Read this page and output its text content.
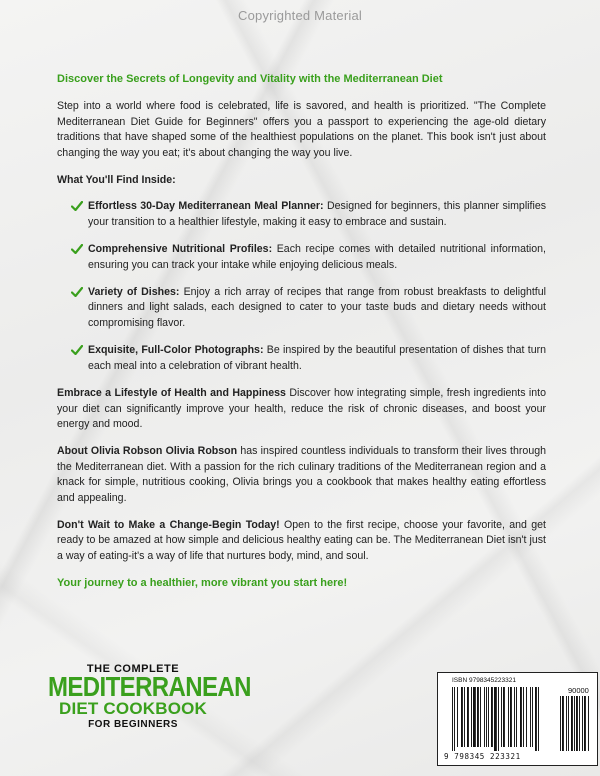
Copyrighted Material
Discover the Secrets of Longevity and Vitality with the Mediterranean Diet

Step into a world where food is celebrated, life is savored, and health is prioritized. "The Complete Mediterranean Diet Guide for Beginners" offers you a passport to experiencing the age-old dietary traditions that have shaped some of the healthiest populations on the planet. This book isn't just about changing the way you eat; it's about changing the way you live.

What You'll Find Inside:
Effortless 30-Day Mediterranean Meal Planner: Designed for beginners, this planner simplifies your transition to a healthier lifestyle, making it easy to embrace and sustain.
Comprehensive Nutritional Profiles: Each recipe comes with detailed nutritional information, ensuring you can track your intake while enjoying delicious meals.
Variety of Dishes: Enjoy a rich array of recipes that range from robust breakfasts to delightful dinners and light salads, each designed to cater to your taste buds and dietary needs without compromising flavor.
Exquisite, Full-Color Photographs: Be inspired by the beautiful presentation of dishes that turn each meal into a celebration of vibrant health.

Embrace a Lifestyle of Health and Happiness Discover how integrating simple, fresh ingredients into your diet can significantly improve your health, reduce the risk of chronic diseases, and boost your energy and mood.

About Olivia Robson Olivia Robson has inspired countless individuals to transform their lives through the Mediterranean diet. With a passion for the rich culinary traditions of the Mediterranean region and a knack for simple, nutritious cooking, Olivia brings you a cookbook that makes healthy eating effortless and appealing.

Don't Wait to Make a Change-Begin Today! Open to the first recipe, choose your favorite, and get ready to be amazed at how simple and delicious healthy eating can be. The Mediterranean Diet isn't just a way of eating-it's a way of life that nurtures body, mind, and soul.

Your journey to a healthier, more vibrant you start here!
THE COMPLETE
MEDITERRANEAN
DIET COOKBOOK
FOR BEGINNERS
ISBN 9798345223321
90000
9 798345 223321
